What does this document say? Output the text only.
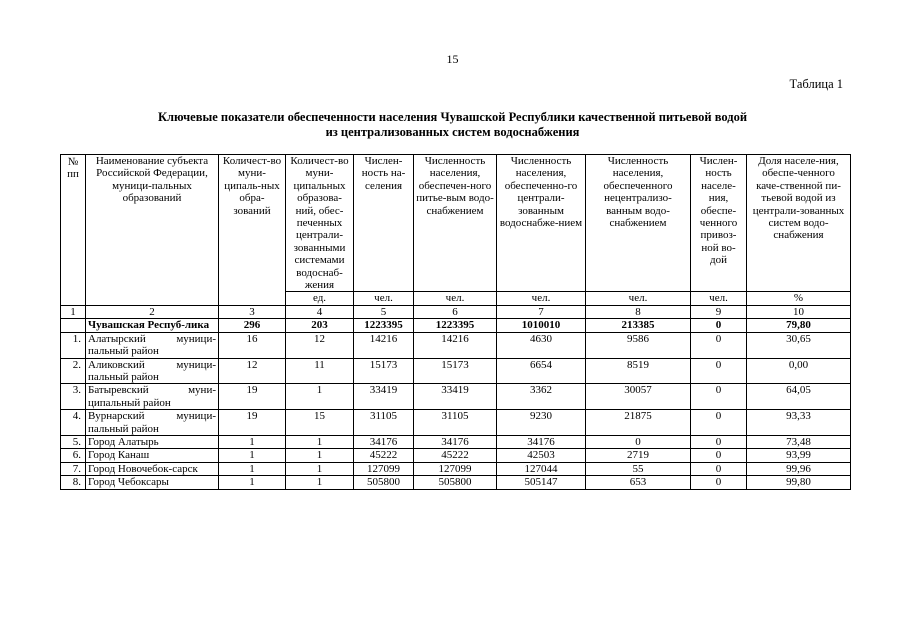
15
Таблица 1
Ключевые показатели обеспеченности населения Чувашской Республики качественной питьевой водой
из централизованных систем водоснабжения
№ пп	Наименование субъекта Российской Федерации, муници-пальных образований	Количест-во муни-ципаль-ных обра-зований	Количест-во муни-ципальных образова-ний, обес-печенных централи-зованными системами водоснаб-жения	Числен-ность на-селения	Численность населения, обеспечен-ного питье-вым водо-снабжением	Численность населения, обеспеченно-го централи-зованным водоснабже-нием	Численность населения, обеспеченного нецентрализо-ванным водо-снабжением	Числен-ность населе-ния, обеспе-ченного привоз-ной во-дой	Доля населе-ния, обеспе-ченного каче-ственной пи-тьевой водой из централи-зованных систем водо-снабжения
			ед.	чел.	чел.	чел.	чел.	чел.	%
1	2	3	4	5	6	7	8	9	10
	Чувашская Респуб-лика	296	203	1223395	1223395	1010010	213385	0	79,80
1.	Алатырский муници-пальный район	16	12	14216	14216	4630	9586	0	30,65
2.	Аликовский муници-пальный район	12	11	15173	15173	6654	8519	0	0,00
3.	Батыревский муни-ципальный район	19	1	33419	33419	3362	30057	0	64,05
4.	Вурнарский муници-пальный район	19	15	31105	31105	9230	21875	0	93,33
5.	Город Алатырь	1	1	34176	34176	34176	0	0	73,48
6.	Город Канаш	1	1	45222	45222	42503	2719	0	93,99
7.	Город Новочебок-сарск	1	1	127099	127099	127044	55	0	99,96
8.	Город Чебоксары	1	1	505800	505800	505147	653	0	99,80
